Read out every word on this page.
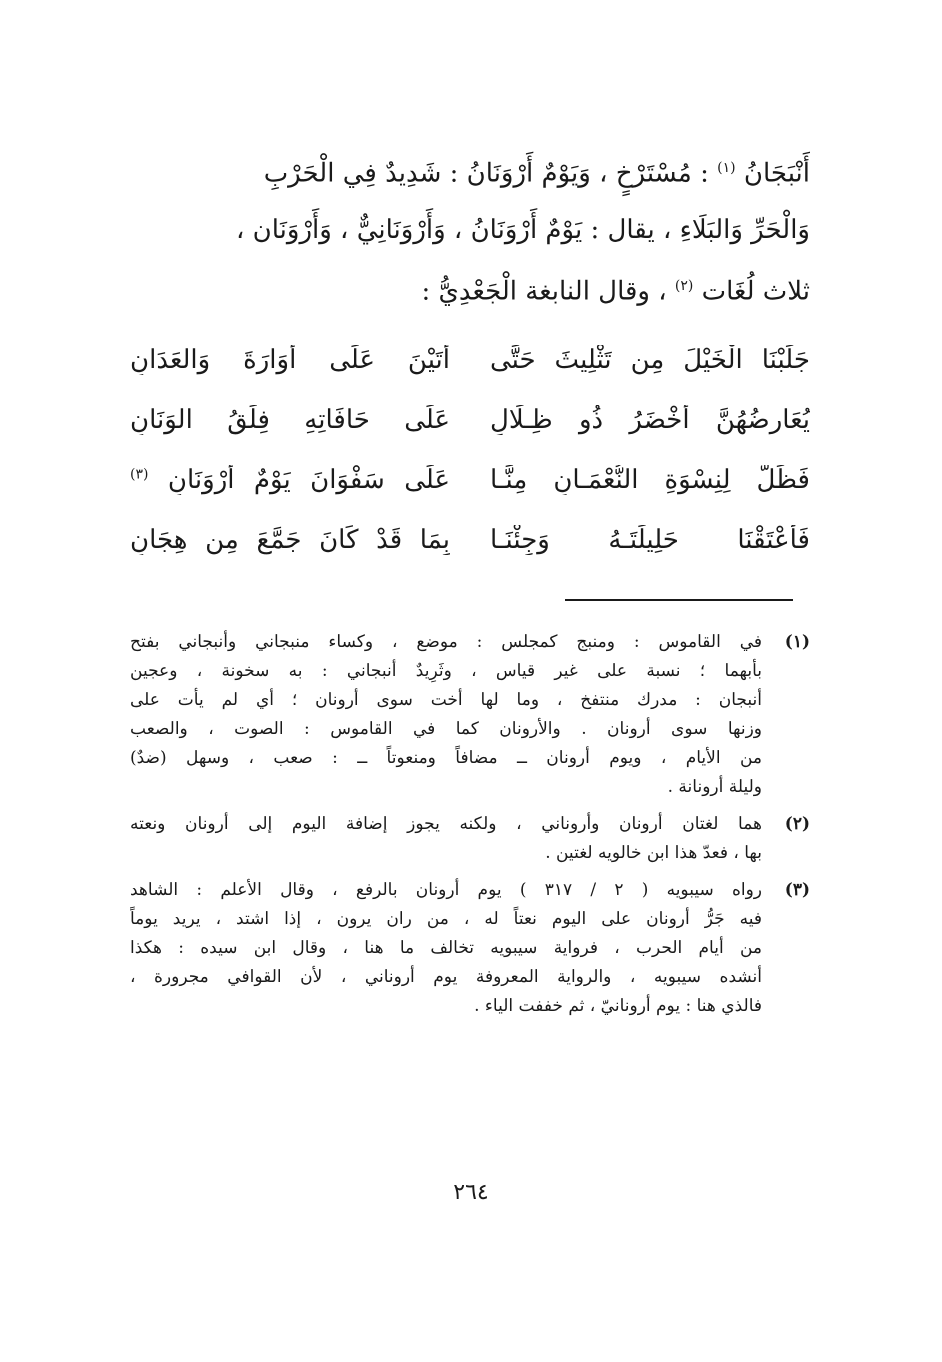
أَنْبَجَانُ $^{(١)}$ : مُسْتَرْخٍ ، وَيَوْمٌ أَرْوَنَانُ : شَدِيدٌ فِي الْحَرْبِ
وَالْحَرِّ وَالبَلَاءِ ، يقال : يَوْمٌ أَرْوَنَانُ ، وَأَرْوَنَانِيٌّ ، وَأَرْوَنَان ،
ثلاث لُغَات $^{(٢)}$ ، وقال النابغة الْجَعْدِيُّ :
جَلَبْنَا الْخَيْلَ مِن تَثْلِيثَ حَتَّى
أَتَيْنَ عَلَى أُوَارَةَ وَالعَدَانِ
يُعَارِضُهُنَّ أَخْضَرُ ذُو ظِـلَالٍ
عَلَى حَافَاتِهِ فِلَقُ الوَنَانِ
فَظَلَّ لِنِسْوَةِ النُّعْمَـانِ مِنَّـا
عَلَى سَفْوَانَ يَوْمٌ أَرْوَنَانِ $^{(٣)}$
فَأَعْتَقْنَا حَلِيلَتَـهُ وَجِئْنَـا
بِمَا قَدْ كَانَ جَمَّعَ مِن هِجَانِ
(١)
في القاموس : ومنبج كمجلس : موضع ، وكساء منبجاني وأنبجاني بفتح
بأبهما ؛ نسبة على غير قياس ، وثَرِيدٌ أنبجاني : به سخونة ، وعجين
أنبجان : مدرك منتفخ ، وما لها أخت سوى أرونان ؛ أي لم يأت على
وزنها سوى أرونان . والأرونان كما في القاموس : الصوت ، والصعب
من الأيام ، ويوم أرونان ــ مضافاً ومنعوتاً ــ : صعب ، وسهل (ضدٌ)
وليلة أرونانة .
(٢)
هما لغتان أرونان وأروناني ، ولكنه يجوز إضافة اليوم إلى أرونان ونعته
بها ، فعدّ هذا ابن خالويه لغتين .
(٣)
رواه سيبويه ( ٢ / ٣١٧ ) يوم أرونان بالرفع ، وقال الأعلم : الشاهد
فيه جَرُّ أرونان على اليوم نعتاً له ، من ران يرون ، إذا اشتد ، يريد يوماً
من أيام الحرب ، فرواية سيبويه تخالف ما هنا ، وقال ابن سيده : هكذا
أنشده سيبويه ، والرواية المعروفة يوم أروناني ، لأن القوافي مجرورة ،
فالذي هنا : يوم أرونانيّ ، ثم خففت الياء .
٢٦٤
